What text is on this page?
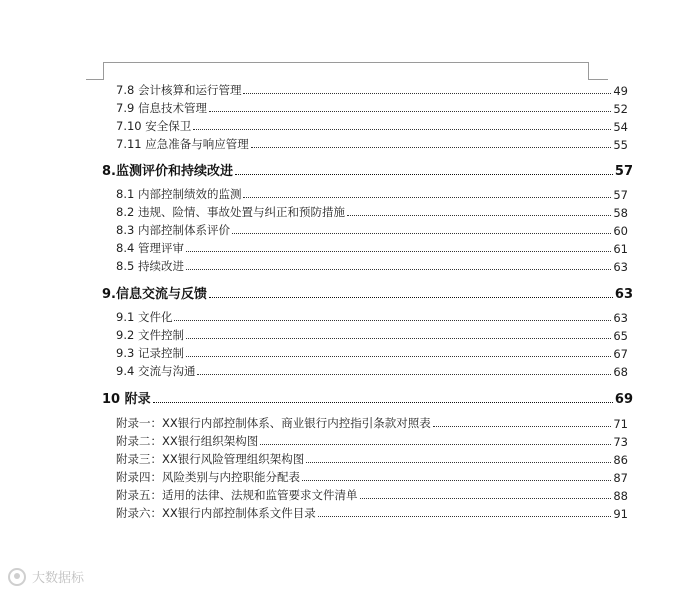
7.8 会计核算和运行管理	49
7.9 信息技术管理	52
7.10 安全保卫	54
7.11 应急准备与响应管理	55
8.监测评价和持续改进	57
8.1 内部控制绩效的监测	57
8.2 违规、险情、事故处置与纠正和预防措施	58
8.3 内部控制体系评价	60
8.4 管理评审	61
8.5 持续改进	63
9.信息交流与反馈	63
9.1 文件化	63
9.2 文件控制	65
9.3 记录控制	67
9.4 交流与沟通	68
10 附录	69
附录一：XX银行内部控制体系、商业银行内控指引条款对照表	71
附录二：XX银行组织架构图	73
附录三：XX银行风险管理组织架构图	86
附录四：风险类别与内控职能分配表	87
附录五：适用的法律、法规和监管要求文件清单	88
附录六：XX银行内部控制体系文件目录	91
大数据标
